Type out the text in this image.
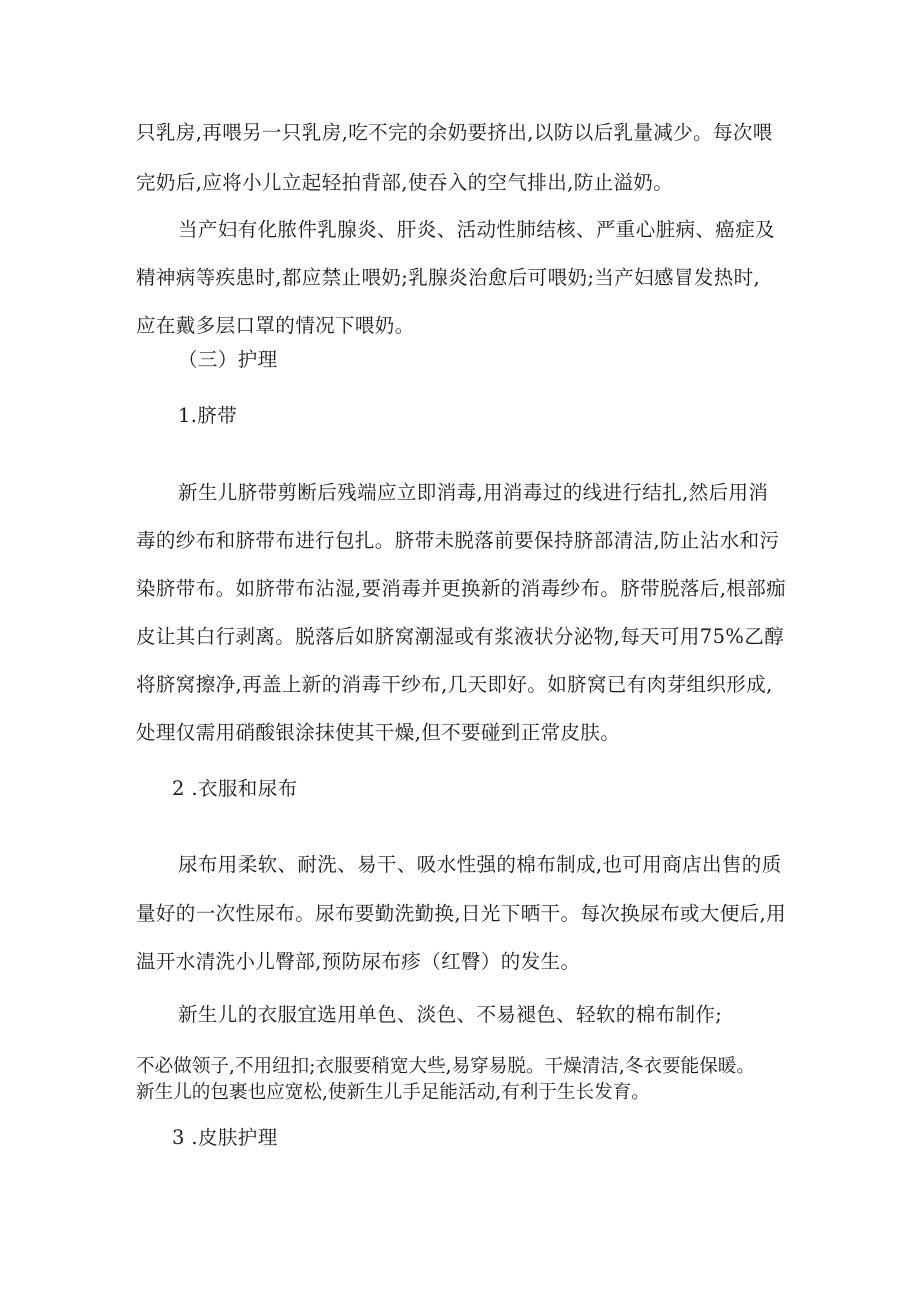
只乳房,再喂另一只乳房,吃不完的余奶要挤出,以防以后乳量减少。每次喂
完奶后,应将小儿立起轻拍背部,使吞入的空气排出,防止溢奶。
当产妇有化脓件乳腺炎、肝炎、活动性肺结核、严重心脏病、癌症及
精神病等疾患时,都应禁止喂奶;乳腺炎治愈后可喂奶;当产妇感冒发热时,
应在戴多层口罩的情况下喂奶。
（三）护理
1.脐带
新生儿脐带剪断后残端应立即消毒,用消毒过的线进行结扎,然后用消
毒的纱布和脐带布进行包扎。脐带未脱落前要保持脐部清洁,防止沾水和污
染脐带布。如脐带布沾湿,要消毒并更换新的消毒纱布。脐带脱落后,根部痂
皮让其白行剥离。脱落后如脐窝潮湿或有浆液状分泌物,每天可用75%乙醇
将脐窝擦净,再盖上新的消毒干纱布,几天即好。如脐窝已有肉芽组织形成,
处理仅需用硝酸银涂抹使其干燥,但不要碰到正常皮肤。
2 .衣服和尿布
尿布用柔软、耐洗、易干、吸水性强的棉布制成,也可用商店出售的质
量好的一次性尿布。尿布要勤洗勤换,日光下晒干。每次换尿布或大便后,用
温开水清洗小儿臀部,预防尿布疹（红臀）的发生。
新生儿的衣服宜选用单色、淡色、不易褪色、轻软的棉布制作;
不必做领子,不用纽扣;衣服要稍宽大些,易穿易脱。干燥清洁,冬衣要能保暖。
新生儿的包裹也应宽松,使新生儿手足能活动,有利于生长发育。
3 .皮肤护理
